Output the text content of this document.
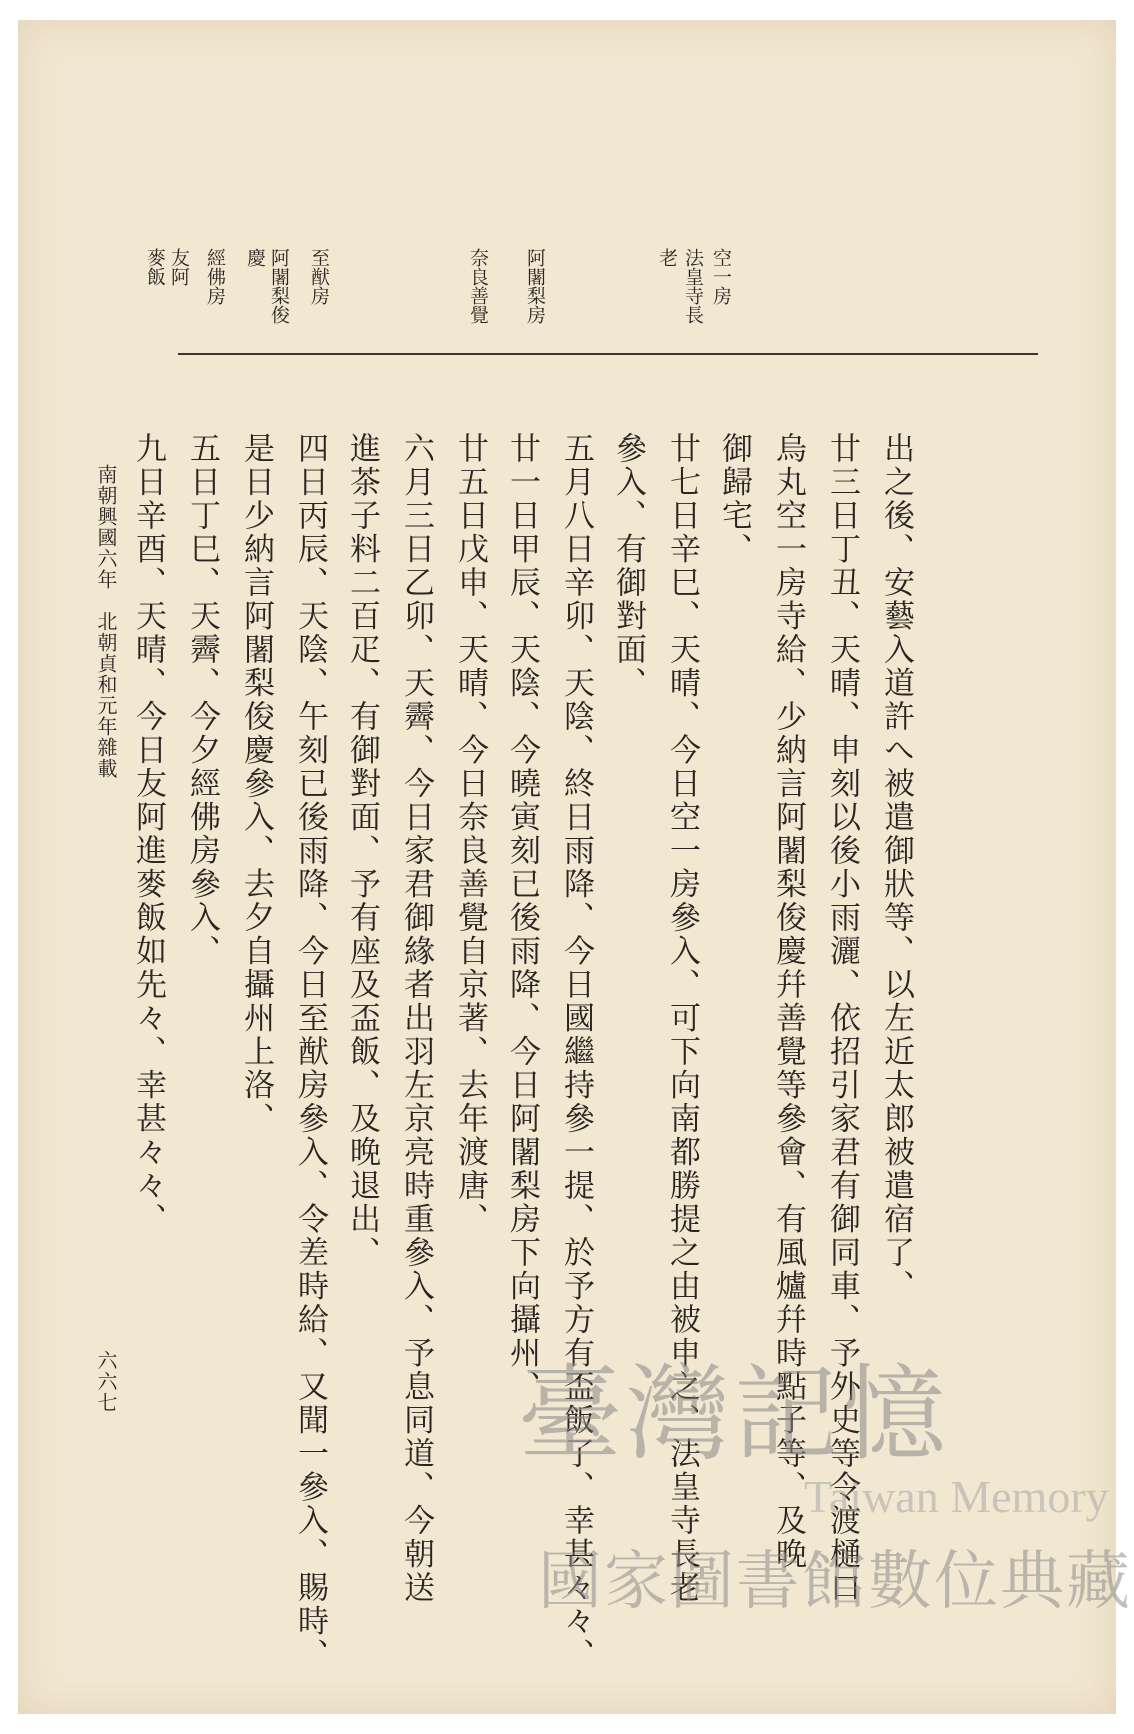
空一房
法皇寺長
老
阿闍梨房
奈良善覺
至猷房
阿闍梨俊
慶
經佛房
友阿
麥飯
出之後、安藝入道許へ被遣御狀等、以左近太郎被遣宿了、
廿三日丁丑、天晴、申刻以後小雨灑、依招引家君有御同車、予外史等令渡樋口
烏丸空一房寺給、少納言阿闍梨俊慶幷善覺等參會、有風爐幷時點子等、及晚
御歸宅、
廿七日辛巳、天晴、今日空一房參入、可下向南都勝提之由被申之、法皇寺長老
參入、有御對面、
五月八日辛卯、天陰、終日雨降、今日國繼持參一提、於予方有盃飯了、幸甚々々、
廿一日甲辰、天陰、今曉寅刻已後雨降、今日阿闍梨房下向攝州、
廿五日戊申、天晴、今日奈良善覺自京著、去年渡唐、
六月三日乙卯、天霽、今日家君御緣者出羽左京亮時重參入、予息同道、今朝送
進茶子料二百疋、有御對面、予有座及盃飯、及晚退出、
四日丙辰、天陰、午刻已後雨降、今日至猷房參入、令差時給、又聞一參入、賜時、
是日少納言阿闍梨俊慶參入、去夕自攝州上洛、
五日丁巳、天霽、今夕經佛房參入、
九日辛酉、天晴、今日友阿進麥飯如先々、幸甚々々、
南朝興國六年　北朝貞和元年雜載
六六七	臺灣記憶
Taiwan Memory
國家圖書館數位典藏
